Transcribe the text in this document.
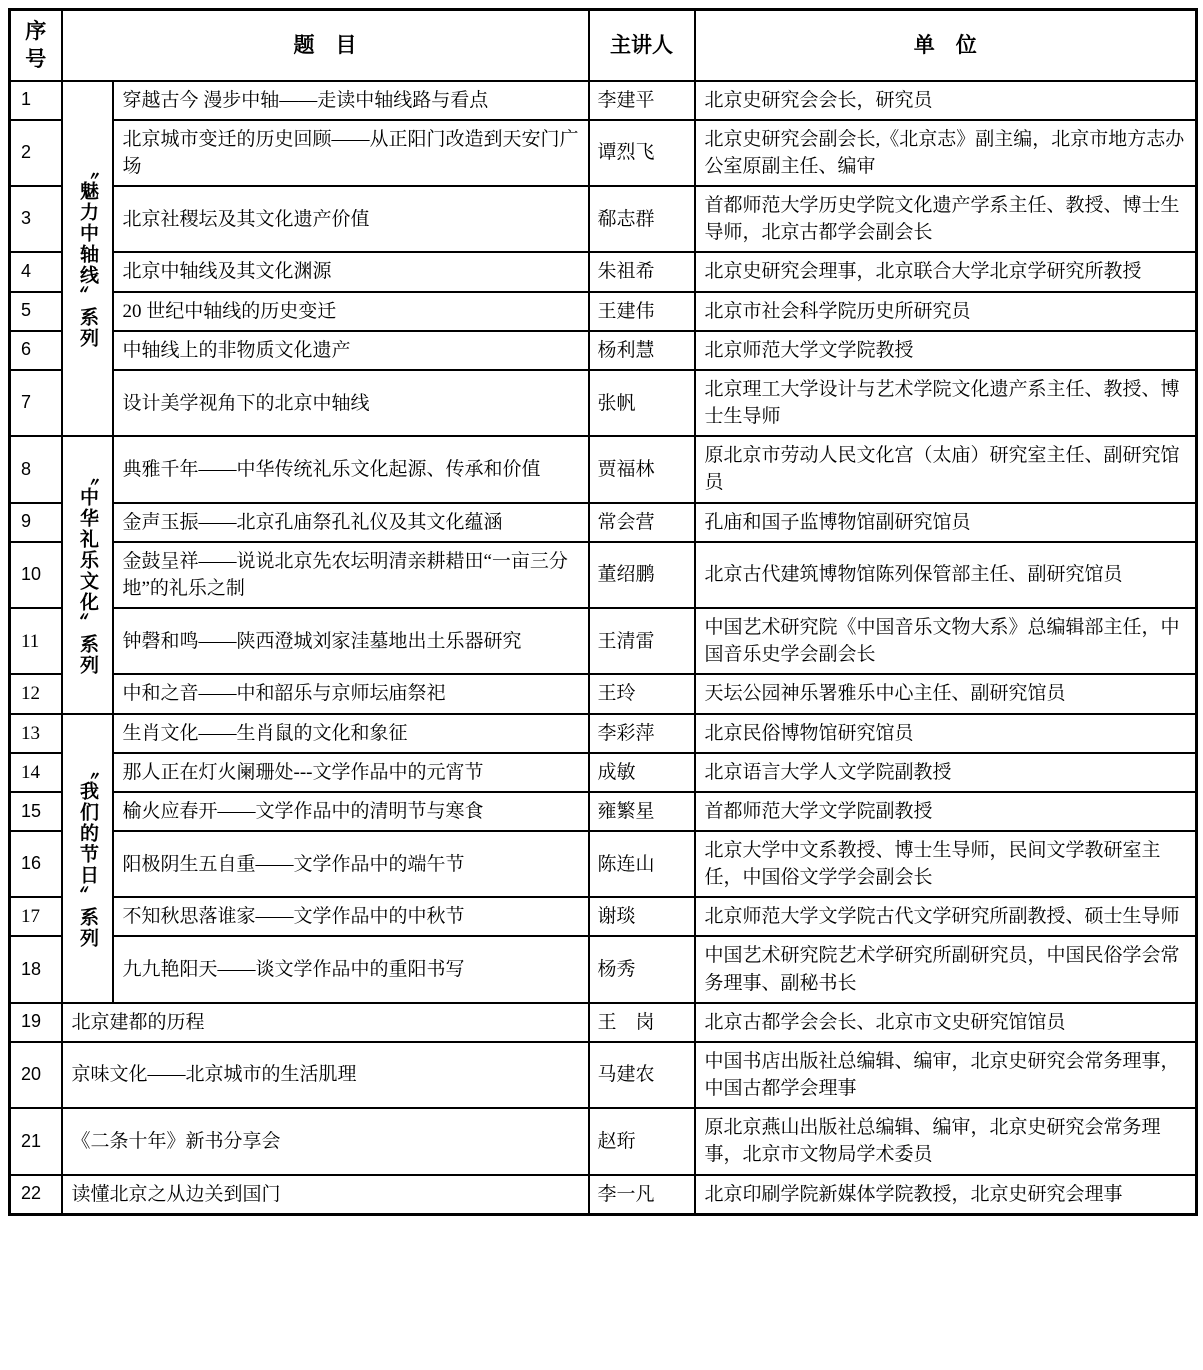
序号	题　目		主讲人	单　位
1	〝魅力中轴线〟系列	穿越古今 漫步中轴——走读中轴线路与看点	李建平	北京史研究会会长，研究员
2		北京城市变迁的历史回顾——从正阳门改造到天安门广场	谭烈飞	北京史研究会副会长,《北京志》副主编，北京市地方志办公室原副主任、编审
3		北京社稷坛及其文化遗产价值	郗志群	首都师范大学历史学院文化遗产学系主任、教授、博士生导师，北京古都学会副会长
4		北京中轴线及其文化渊源	朱祖希	北京史研究会理事，北京联合大学北京学研究所教授
5		20 世纪中轴线的历史变迁	王建伟	北京市社会科学院历史所研究员
6		中轴线上的非物质文化遗产	杨利慧	北京师范大学文学院教授
7		设计美学视角下的北京中轴线	张帆	北京理工大学设计与艺术学院文化遗产系主任、教授、博士生导师
8	〝中华礼乐文化〟系列	典雅千年——中华传统礼乐文化起源、传承和价值	贾福林	原北京市劳动人民文化宫（太庙）研究室主任、副研究馆员
9		金声玉振——北京孔庙祭孔礼仪及其文化蕴涵	常会营	孔庙和国子监博物馆副研究馆员
10		金鼓呈祥——说说北京先农坛明清亲耕耤田“一亩三分地”的礼乐之制	董绍鹏	北京古代建筑博物馆陈列保管部主任、副研究馆员
11		钟磬和鸣——陕西澄城刘家洼墓地出土乐器研究	王清雷	中国艺术研究院《中国音乐文物大系》总编辑部主任，中国音乐史学会副会长
12		中和之音——中和韶乐与京师坛庙祭祀	王玲	天坛公园神乐署雅乐中心主任、副研究馆员
13	〝我们的节日〟系列	生肖文化——生肖鼠的文化和象征	李彩萍	北京民俗博物馆研究馆员
14		那人正在灯火阑珊处---文学作品中的元宵节	成敏	北京语言大学人文学院副教授
15		榆火应春开——文学作品中的清明节与寒食	雍繁星	首都师范大学文学院副教授
16		阳极阴生五自重——文学作品中的端午节	陈连山	北京大学中文系教授、博士生导师，民间文学教研室主任，中国俗文学学会副会长
17		不知秋思落谁家——文学作品中的中秋节	谢琰	北京师范大学文学院古代文学研究所副教授、硕士生导师
18		九九艳阳天——谈文学作品中的重阳书写	杨秀	中国艺术研究院艺术学研究所副研究员，中国民俗学会常务理事、副秘书长
19	北京建都的历程		王　岗	北京古都学会会长、北京市文史研究馆馆员
20	京味文化——北京城市的生活肌理		马建农	中国书店出版社总编辑、编审，北京史研究会常务理事，中国古都学会理事
21	《二条十年》新书分享会		赵珩	原北京燕山出版社总编辑、编审，北京史研究会常务理事，北京市文物局学术委员
22	读懂北京之从边关到国门		李一凡	北京印刷学院新媒体学院教授，北京史研究会理事
